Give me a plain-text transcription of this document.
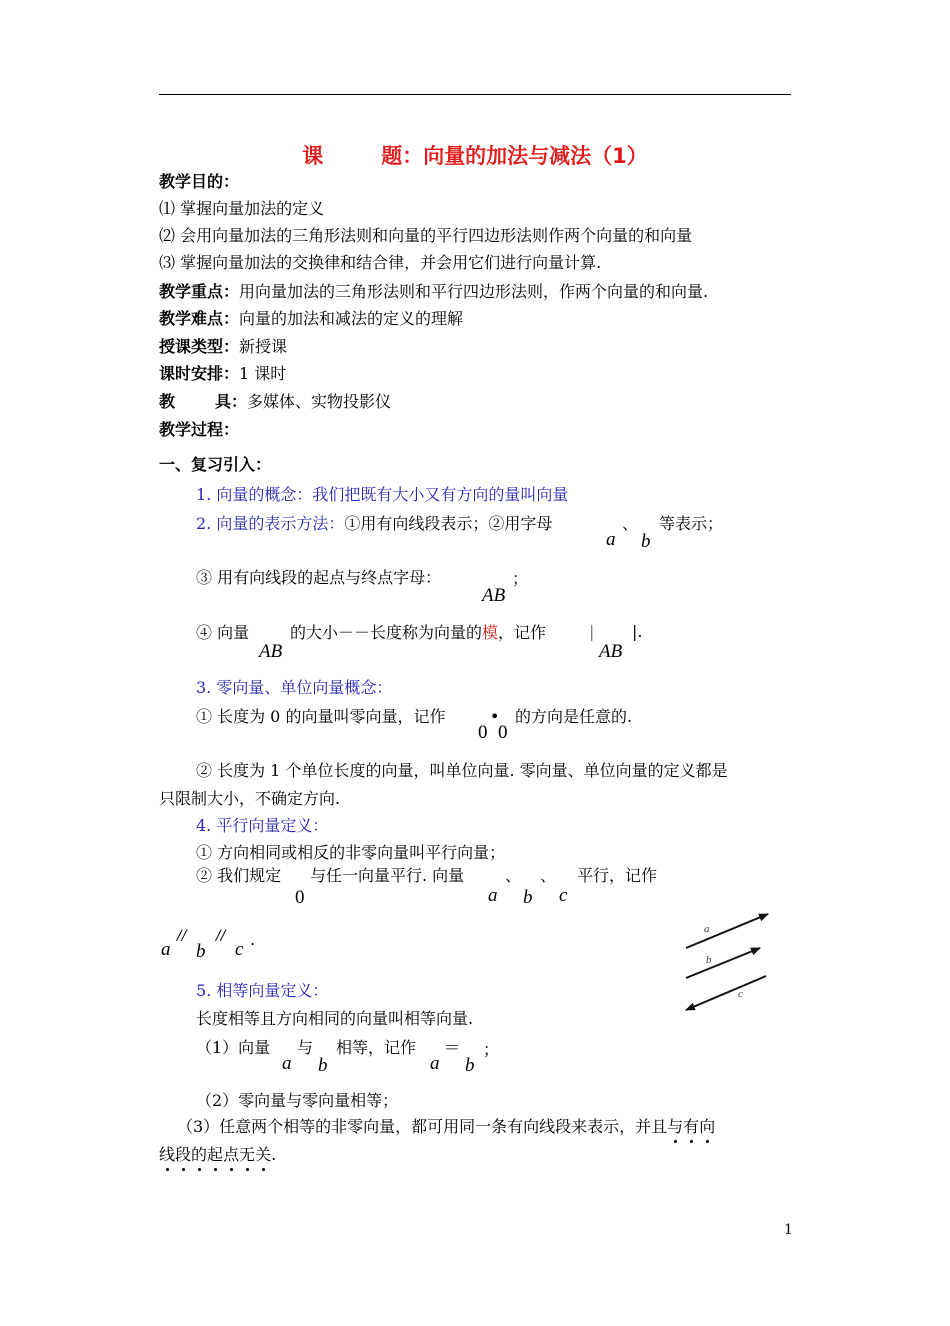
课	题：向量的加法与减法（1）
教学目的：
⑴ 掌握向量加法的定义
⑵ 会用向量加法的三角形法则和向量的平行四边形法则作两个向量的和向量
⑶ 掌握向量加法的交换律和结合律，并会用它们进行向量计算.
教学重点：用向量加法的三角形法则和平行四边形法则，作两个向量的和向量.
教学难点：向量的加法和减法的定义的理解
授课类型：新授课
课时安排：1 课时
教	具：多媒体、实物投影仪
教学过程：
一、复习引入：
1. 向量的概念：我们把既有大小又有方向的量叫向量
2. 向量的表示方法：①用有向线段表示；②用字母
a
、
b
等表示；
③ 用有向线段的起点与终点字母：	；
AB
④ 向量
AB
的大小－－长度称为向量的模，记作	|
AB
|.
3. 零向量、单位向量概念：
① 长度为 0 的向量叫零向量，记作
0
•
0
的方向是任意的.
② 长度为 1 个单位长度的向量，叫单位向量. 零向量、单位向量的定义都是
只限制大小，不确定方向.
4. 平行向量定义：
① 方向相同或相反的非零向量叫平行向量；
② 我们规定
0
与任一向量平行. 向量
a
、
b
、
c
平行，记作
a
//
b
//
c .
a
b
c
5. 相等向量定义：
长度相等且方向相同的向量叫相等向量.
（1）向量
a
与
b
相等，记作
a
＝
b
；
（2）零向量与零向量相等；
（3）任意两个相等的非零向量，都可用同一条有向线段来表示，并且与有向
线段的起点无关.
1
